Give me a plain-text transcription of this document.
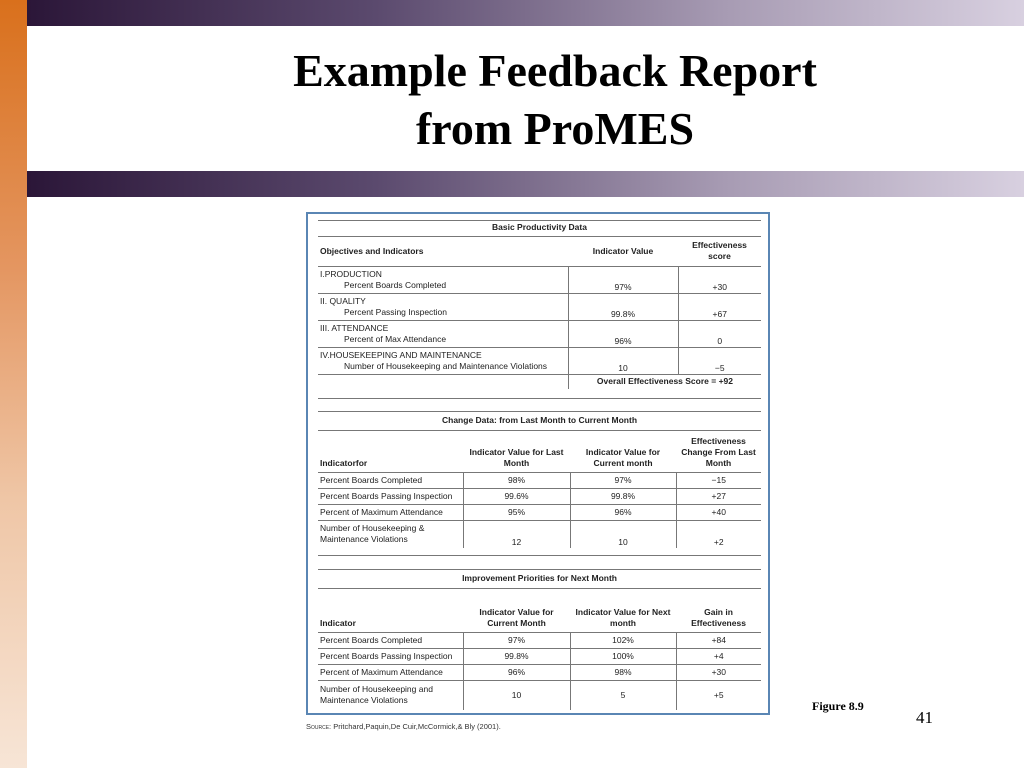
Example Feedback Report
from ProMES
Basic Productivity Data		
Objectives and Indicators	Indicator Value	Effectiveness score

I.PRODUCTION
Percent Boards Completed	97%	+30

II. QUALITY
Percent Passing Inspection	99.8%	+67

III. ATTENDANCE
Percent of Max Attendance	96%	0

IV.HOUSEKEEPING AND MAINTENANCE
Number of Housekeeping and Maintenance Violations	10	−5
	Overall Effectiveness Score = +92	
Change Data: from Last Month to Current Month			
Indicatorfor	Indicator Value for Last Month	Indicator Value for Current month	Effectiveness Change From Last Month
Percent Boards Completed	98%	97%	−15
Percent Boards Passing Inspection	99.6%	99.8%	+27
Percent of Maximum Attendance	95%	96%	+40
Number of Housekeeping & Maintenance Violations	12	10	+2
Improvement Priorities for Next Month			
Indicator	Indicator Value for Current Month	Indicator Value for Next month	Gain in Effectiveness
Percent Boards Completed	97%	102%	+84
Percent Boards Passing Inspection	99.8%	100%	+4
Percent of Maximum Attendance	96%	98%	+30
Number of Housekeeping and Maintenance Violations	10	5	+5
Source: Pritchard,Paquin,De Cuir,McCormick,& Bly (2001).
Figure 8.9
41
